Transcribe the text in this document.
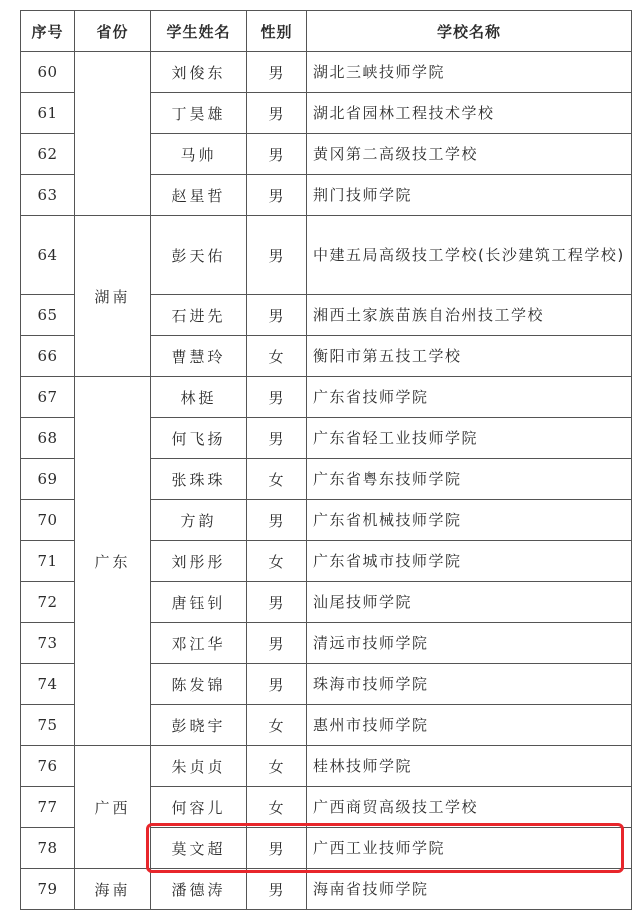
序号	省份	学生姓名	性别	学校名称
60		刘俊东	男	湖北三峡技师学院
61		丁昊雄	男	湖北省园林工程技术学校
62		马帅	男	黄冈第二高级技工学校
63		赵星哲	男	荆门技师学院
64	湖南	彭天佑	男	中建五局高级技工学校(长沙建筑工程学校)
65		石进先	男	湘西土家族苗族自治州技工学校
66		曹慧玲	女	衡阳市第五技工学校
67	广东	林挺	男	广东省技师学院
68		何飞扬	男	广东省轻工业技师学院
69		张珠珠	女	广东省粤东技师学院
70		方韵	男	广东省机械技师学院
71		刘彤彤	女	广东省城市技师学院
72		唐钰钊	男	汕尾技师学院
73		邓江华	男	清远市技师学院
74		陈发锦	男	珠海市技师学院
75		彭晓宇	女	惠州市技师学院
76	广西	朱贞贞	女	桂林技师学院
77		何容儿	女	广西商贸高级技工学校
78		莫文超	男	广西工业技师学院
79	海南	潘德涛	男	海南省技师学院
